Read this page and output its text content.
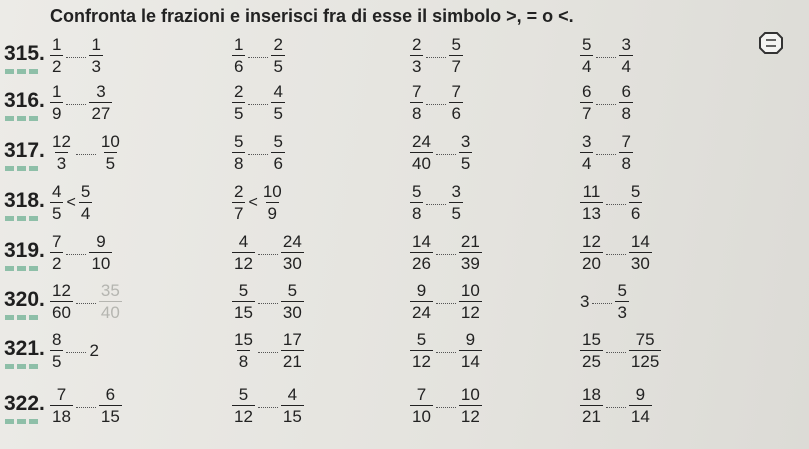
Confronta le frazioni e inserisci fra di esse il simbolo >, = o <.
315. $\frac{1}{2} \frac{1}{3}$	$\frac{1}{6} \frac{2}{5}$	$\frac{2}{3} \frac{5}{7}$	$\frac{5}{4} \frac{3}{4}$
316. $\frac{1}{9} \frac{3}{27}$	$\frac{2}{5} \frac{4}{5}$	$\frac{7}{8} \frac{7}{6}$	$\frac{6}{7} \frac{6}{8}$
317. $\frac{12}{3} \frac{10}{5}$	$\frac{5}{8} \frac{5}{6}$	$\frac{24}{40} \frac{3}{5}$	$\frac{3}{4} \frac{7}{8}$
318. $\frac{4}{5} < \frac{5}{4}$	$\frac{2}{7} < \frac{10}{9}$	$\frac{5}{8} \frac{3}{5}$	$\frac{11}{13} \frac{5}{6}$
319. $\frac{7}{2} \frac{9}{10}$	$\frac{4}{12} \frac{24}{30}$	$\frac{14}{26} \frac{21}{39}$	$\frac{12}{20} \frac{14}{30}$
320. $\frac{12}{60} \frac{35}{40}$	$\frac{5}{15} \frac{5}{30}$	$\frac{9}{24} \frac{10}{12}$	$3 \frac{5}{3}$
321. $\frac{8}{5} 2$	$\frac{15}{8} \frac{17}{21}$	$\frac{5}{12} \frac{9}{14}$	$\frac{15}{25} \frac{75}{125}$
322. $\frac{7}{18} \frac{6}{15}$	$\frac{5}{12} \frac{4}{15}$	$\frac{7}{10} \frac{10}{12}$	$\frac{18}{21} \frac{9}{14}$
